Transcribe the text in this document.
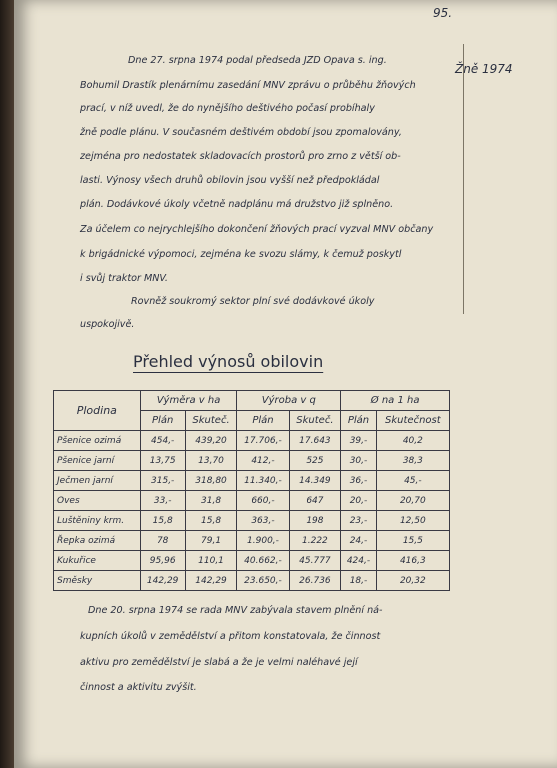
95.
Žně 1974
Dne 27. srpna 1974 podal předseda JZD Opava s. ing.
Bohumil Drastík plenárnímu zasedání MNV zprávu o průběhu žňových
prací, v níž uvedl, že do nynějšího deštivého počasí probíhaly
žně podle plánu. V současném deštivém období jsou zpomalovány,
zejména pro nedostatek skladovacích prostorů pro zrno z větší ob-
lasti. Výnosy všech druhů obilovin jsou vyšší než předpokládal
plán. Dodávkové úkoly včetně nadplánu má družstvo již splněno.
Za účelem co nejrychlejšího dokončení žňových prací vyzval MNV občany
k brigádnické výpomoci, zejména ke svozu slámy, k čemuž poskytl
i svůj traktor MNV.
Rovněž soukromý sektor plní své dodávkové úkoly
uspokojivě.
Přehled výnosů obilovin
Plodina	Výměra v ha		Výroba v q		Ø na 1 ha	
	Plán	Skuteč.	Plán	Skuteč.	Plán	Skutečnost
Pšenice ozimá	454,-	439,20	17.706,-	17.643	39,-	40,2
Pšenice jarní	13,75	13,70	412,-	525	30,-	38,3
Ječmen jarní	315,-	318,80	11.340,-	14.349	36,-	45,-
Oves	33,-	31,8	660,-	647	20,-	20,70
Luštěniny krm.	15,8	15,8	363,-	198	23,-	12,50
Řepka ozimá	78	79,1	1.900,-	1.222	24,-	15,5
Kukuřice	95,96	110,1	40.662,-	45.777	424,-	416,3
Směsky	142,29	142,29	23.650,-	26.736	18,-	20,32
Dne 20. srpna 1974 se rada MNV zabývala stavem plnění ná-
kupních úkolů v zemědělství a přitom konstatovala, že činnost
aktivu pro zemědělství je slabá a že je velmi naléhavé její
činnost a aktivitu zvýšit.
